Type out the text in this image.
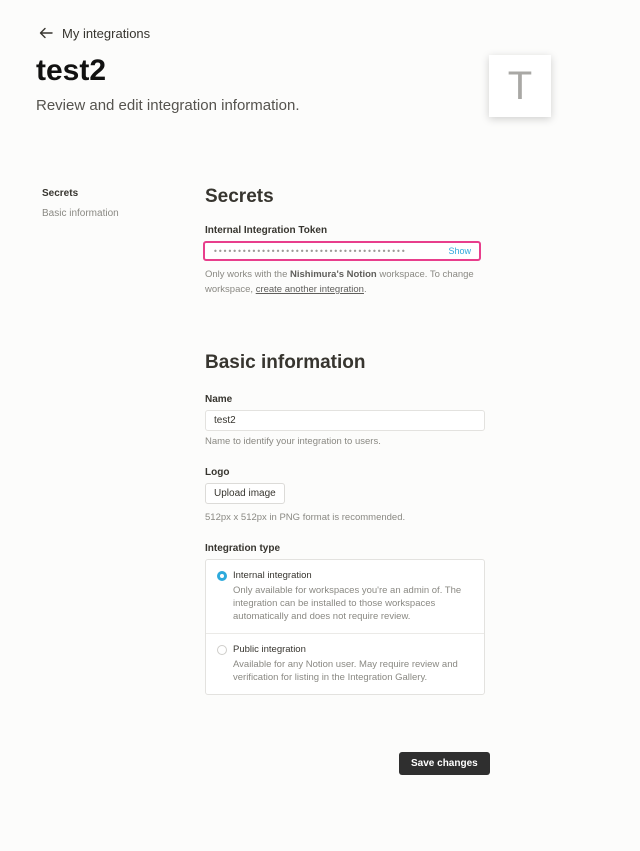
My integrations
test2
Review and edit integration information.	T
Secrets
Basic information
Secrets
Internal Integration Token
••••••••••••••••••••••••••••••••••••••••	Show
Only works with the Nishimura's Notion workspace. To change workspace, create another integration.
Basic information
Name
test2
Name to identify your integration to users.
Logo
Upload image
512px x 512px in PNG format is recommended.
Integration type
Internal integration
Only available for workspaces you're an admin of. The integration can be installed to those workspaces automatically and does not require review.
Public integration
Available for any Notion user. May require review and verification for listing in the Integration Gallery.
Save changes
